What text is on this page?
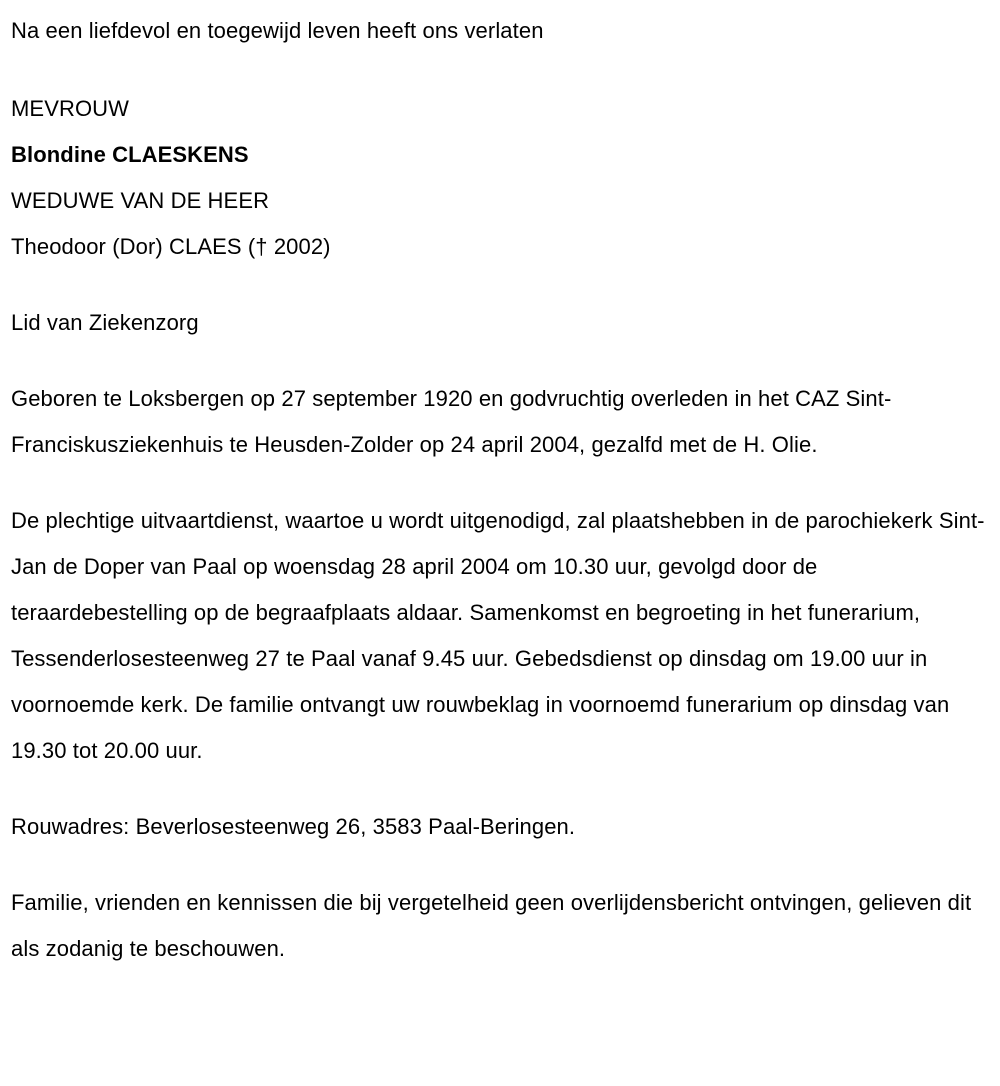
Na een liefdevol en toegewijd leven heeft ons verlaten
MEVROUW
Blondine CLAESKENS
WEDUWE VAN DE HEER
Theodoor (Dor) CLAES († 2002)
Lid van Ziekenzorg

Geboren te Loksbergen op 27 september 1920 en godvruchtig overleden in het CAZ Sint-Franciskusziekenhuis te Heusden-Zolder op 24 april 2004, gezalfd met de H. Olie.

De plechtige uitvaartdienst, waartoe u wordt uitgenodigd, zal plaatshebben in de parochiekerk Sint-Jan de Doper van Paal op woensdag 28 april 2004 om 10.30 uur, gevolgd door de teraardebestelling op de begraafplaats aldaar. Samenkomst en begroeting in het funerarium, Tessenderlosesteenweg 27 te Paal vanaf 9.45 uur. Gebedsdienst op dinsdag om 19.00 uur in voornoemde kerk. De familie ontvangt uw rouwbeklag in voornoemd funerarium op dinsdag van 19.30 tot 20.00 uur.

Rouwadres: Beverlosesteenweg 26, 3583 Paal-Beringen.

Familie, vrienden en kennissen die bij vergetelheid geen overlijdensbericht ontvingen, gelieven dit als zodanig te beschouwen.
